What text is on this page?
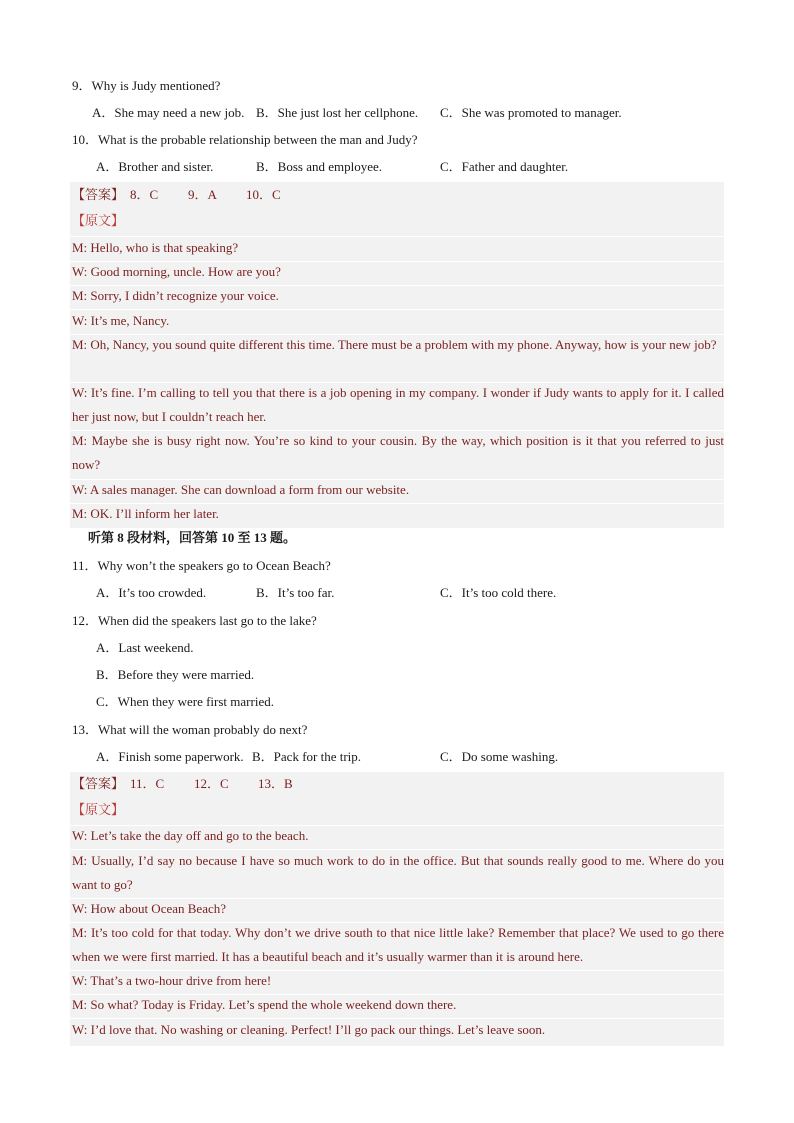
9．Why is Judy mentioned?
A．She may need a new job. B．She just lost her cellphone. C．She was promoted to manager.
10．What is the probable relationship between the man and Judy?
A．Brother and sister.	B．Boss and employee.	C．Father and daughter.
【答案】 8．C 9．A 10．C
【原文】
M: Hello, who is that speaking?
W: Good morning, uncle. How are you?
M: Sorry, I didn’t recognize your voice.
W: It’s me, Nancy.
M: Oh, Nancy, you sound quite different this time. There must be a problem with my phone. Anyway, how is your new job?
W: It’s fine. I’m calling to tell you that there is a job opening in my company. I wonder if Judy wants to apply for it. I called her just now, but I couldn’t reach her.
M: Maybe she is busy right now. You’re so kind to your cousin. By the way, which position is it that you referred to just now?
W: A sales manager. She can download a form from our website.
M: OK. I’ll inform her later.
听第 8 段材料，回答第 10 至 13 题。
11．Why won’t the speakers go to Ocean Beach?
A．It’s too crowded.	B．It’s too far.	C．It’s too cold there.
12．When did the speakers last go to the lake?
A．Last weekend.
B．Before they were married.
C．When they were first married.
13．What will the woman probably do next?
A．Finish some paperwork. B．Pack for the trip.	C．Do some washing.
【答案】 11．C 12．C 13．B
【原文】
W: Let’s take the day off and go to the beach.
M: Usually, I’d say no because I have so much work to do in the office. But that sounds really good to me. Where do you want to go?
W: How about Ocean Beach?
M: It’s too cold for that today. Why don’t we drive south to that nice little lake? Remember that place? We used to go there when we were first married. It has a beautiful beach and it’s usually warmer than it is around here.
W: That’s a two-hour drive from here!
M: So what? Today is Friday. Let’s spend the whole weekend down there.
W: I’d love that. No washing or cleaning. Perfect! I’ll go pack our things. Let’s leave soon.
